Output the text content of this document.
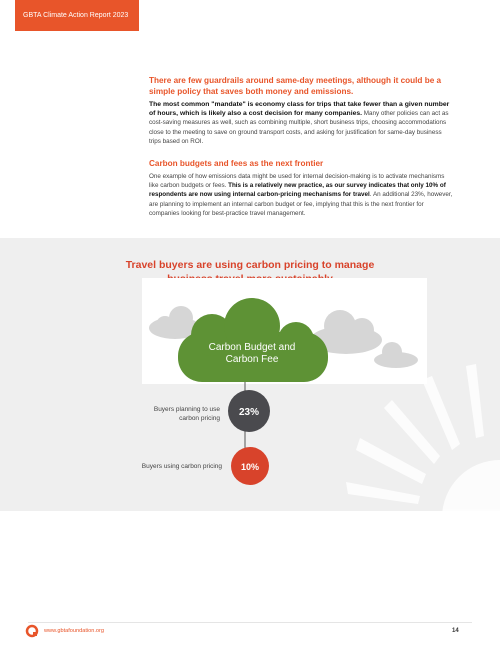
GBTA Climate Action Report 2023

There are few guardrails around same-day meetings, although it could be a simple policy that saves both money and emissions.

The most common "mandate" is economy class for trips that take fewer than a given number of hours, which is likely also a cost decision for many companies. Many other policies can act as cost-saving measures as well, such as combining multiple, short business trips, choosing accommodations close to the meeting to save on ground transport costs, and asking for justification for same-day business trips based on ROI.

Carbon budgets and fees as the next frontier

One example of how emissions data might be used for internal decision-making is to activate mechanisms like carbon budgets or fees. This is a relatively new practice, as our survey indicates that only 10% of respondents are now using internal carbon-pricing mechanisms for travel. An additional 23%, however, are planning to implement an internal carbon budget or fee, implying that this is the next frontier for companies looking for best-practice travel management.

Travel buyers are using carbon pricing to manage
Carbon Budget and
Carbon Fee
23%
10%
Buyers planning to use
carbon pricing
Buyers using carbon pricing
www.gbtafoundation.org	14
